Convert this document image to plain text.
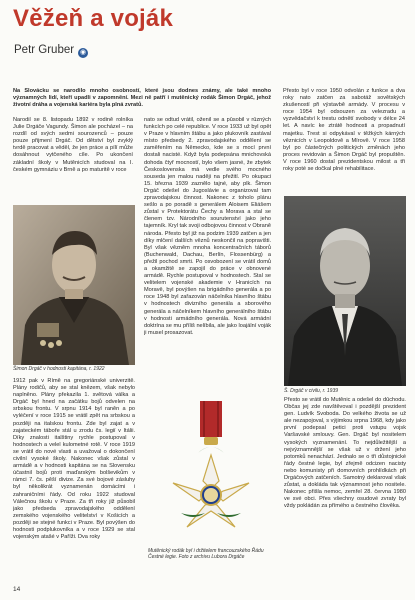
Věžeň a voják
Petr Gruber ◉

Na Slovácku se narodilo mnoho osobností, které jsou dodnes známy, ale také mnoho významných lidí, kteří upadli v zapomnění. Mezi ně patří i mutěnický rodák Šimon Drgáč, jehož životní dráha a vojenská kariéra byla plná zvratů.

Narodil se 8. listopadu 1892 v rodině rolníka Julie Drgáče Vagundy. Šimon ale pocházel – na rozdíl od svých sedmi sourozenců – pouze pouze přijmení Drgáč. Od dětství byl zvyklý tvrdě pracovat a věděl, že jen práce a pílí může dosáhnout vytčeného cíle. Po ukončení základní školy v Mutěnicích studoval na I. českém gymnáziu v Brně a po maturitě v roce

nato se odtud vrátil, oženil se a působil v různých funkcích po celé republice. V roce 1933 už byl opět v Praze v hlavním štábu a jako plukovník zastával místo předsedy 2. zpravodajského oddělení se zaměřením na Německo, kde se s mocí první dostali nacisté. Když byla podepsána mnichovská dohoda čtyř mocností, bylo všem jasné, že zbytek Československa má vedle svého mocného souseda jen malou naději na přežití. Po okupaci 15. března 1939 zaznělo tajné, aby plk. Šimon Drgáč odešel do Jugoslávie a organizoval tam zpravodajskou činnost. Nakonec z toholo plánu sešlo a po poradě s generálem Aloisem Eliášem zůstal v Protektorátu Čechy a Morava a stal se členem tzv. Národního sourutenství jako jeho tajemník. Kryl tak svoji odbojovou činnost v Obraně národa. Přesto byl již na podzim 1939 zatčen a jen díky mlčení dalších věznů neskončil na popravišti. Byl však vězněm mnoha koncentračních táborů (Buchenwald, Dachau, Berlín, Flossenbürg) a přežil pochod smrti. Po osvobození se vrátil domů a okamžitě se zapojil do práce v obnovené armádě. Rychle postupoval v hodnostech. Stal se velitelem vojenské akademie v Hranicích na Moravě, byl povýšen na brigádního generála a po roce 1948 byl zařazován náčelníka hlavního štábu v hodnostech divizního generála a sborového generála a náčelníkem hlavního generálního štábu v hodnosti armádního generála. Nová armádní doktrína se mu příliš nelíbila, ale jako loajální voják ji musel prosazovat.

Přesto byl v roce 1950 odvolán z funkce a dva roky nato zatčen za sabotáž sovětských zkušeností při výstavbě armády. V procesu v roce 1954 byl odsouzen za velezradu a vyzvědačství k trestu odnětí svobody v délce 24 let. A navíc ke ztrátě hodnosti a propadnutí majetku. Trest si odpykával v těžkých kárných věznicích v Leopoldově a Mírově. V roce 1958 byl po částečných politických změnách jeho proces revidován a Šimon Drgáč byl propuštěn. V roce 1960 dostal prezidentskou milost a tři roky poté se dočkal plné rehabilitace.

Šimon Drgáč v hodnosti kapitána, r. 1922
Š. Drgáč v civilu, r. 1939

1912 pak v Římě na gregoriánské univerzitě. Plány rodičů, aby se stal knězem, však nebylo naplněno. Plány překazila 1. světová válka a Drgáč byl hned na začátku bojů odvelen na srbskou frontu. V srpnu 1914 byl raněn a po vyléčení v roce 1915 se vrátil zpět na srbskou a později na italskou frontu. Zde byl zajat a v zajateckém táboře stál u zrodu čs. legií v Itálii. Díky znalosti italštiny rychle postupoval v hodnostech a velel kulometné rotě. V roce 1919 se vrátil do nové vlasti a uvažoval o dokončení civilní vysoké školy. Nakonec však zůstal v armádě a v hodnosti kapitána se na Slovensku účastnil bojů proti maďarským bolševikům v rámci 7. čs. pěší divize. Za své bojové zásluhy byl několikrát vyznamenán domácími i zahraničními řády. Od roku 1922 studoval Válečnou školu v Praze. Za tři roky již působil jako předseda zpravodajského oddělení zemského vojenského velitelství v Košicích a později se stejné funkci v Praze. Byl povýšen do hodnosti podplukovníka a v roce 1929 se stal vojenským atašé v Paříži. Dva roky

Mutěnický rodák byl i držitelem francouzského Řádu Čestné legie. Foto z archivu Lubora Drgáče

Přesto se vrátil do Mutěnic a odešel do důchodu. Občas jej zde navštěvoval i pozdější prezident gen. Ludvík Svoboda. Do velkého života se už ale nezapojoval, s výjimkou srpna 1968, kdy jako první podepsal petici proti vstupu vojsk Varšavské smlouvy. Gen. Drgáč byl nositelem vysokých vyznamenání. To nejdůležitější a nejvýznamnější se však už v držení jeho potomků nenachází. Jednalo se o tři důstojnické řády čestné legie, byl zřejmě odcizen nacisty nebo komunisty při domovních prohlídkách při Drgáčových zatčeních. Samotný deklaroval však zůstat, a dokláda tak významnost jeho nositele. Nakonec přišla nemoc, zemřel 28. června 1980 ve své obci. Přes všechny osudové zvraty byl vždy pokládán za přímého a čestného člověka.

14
